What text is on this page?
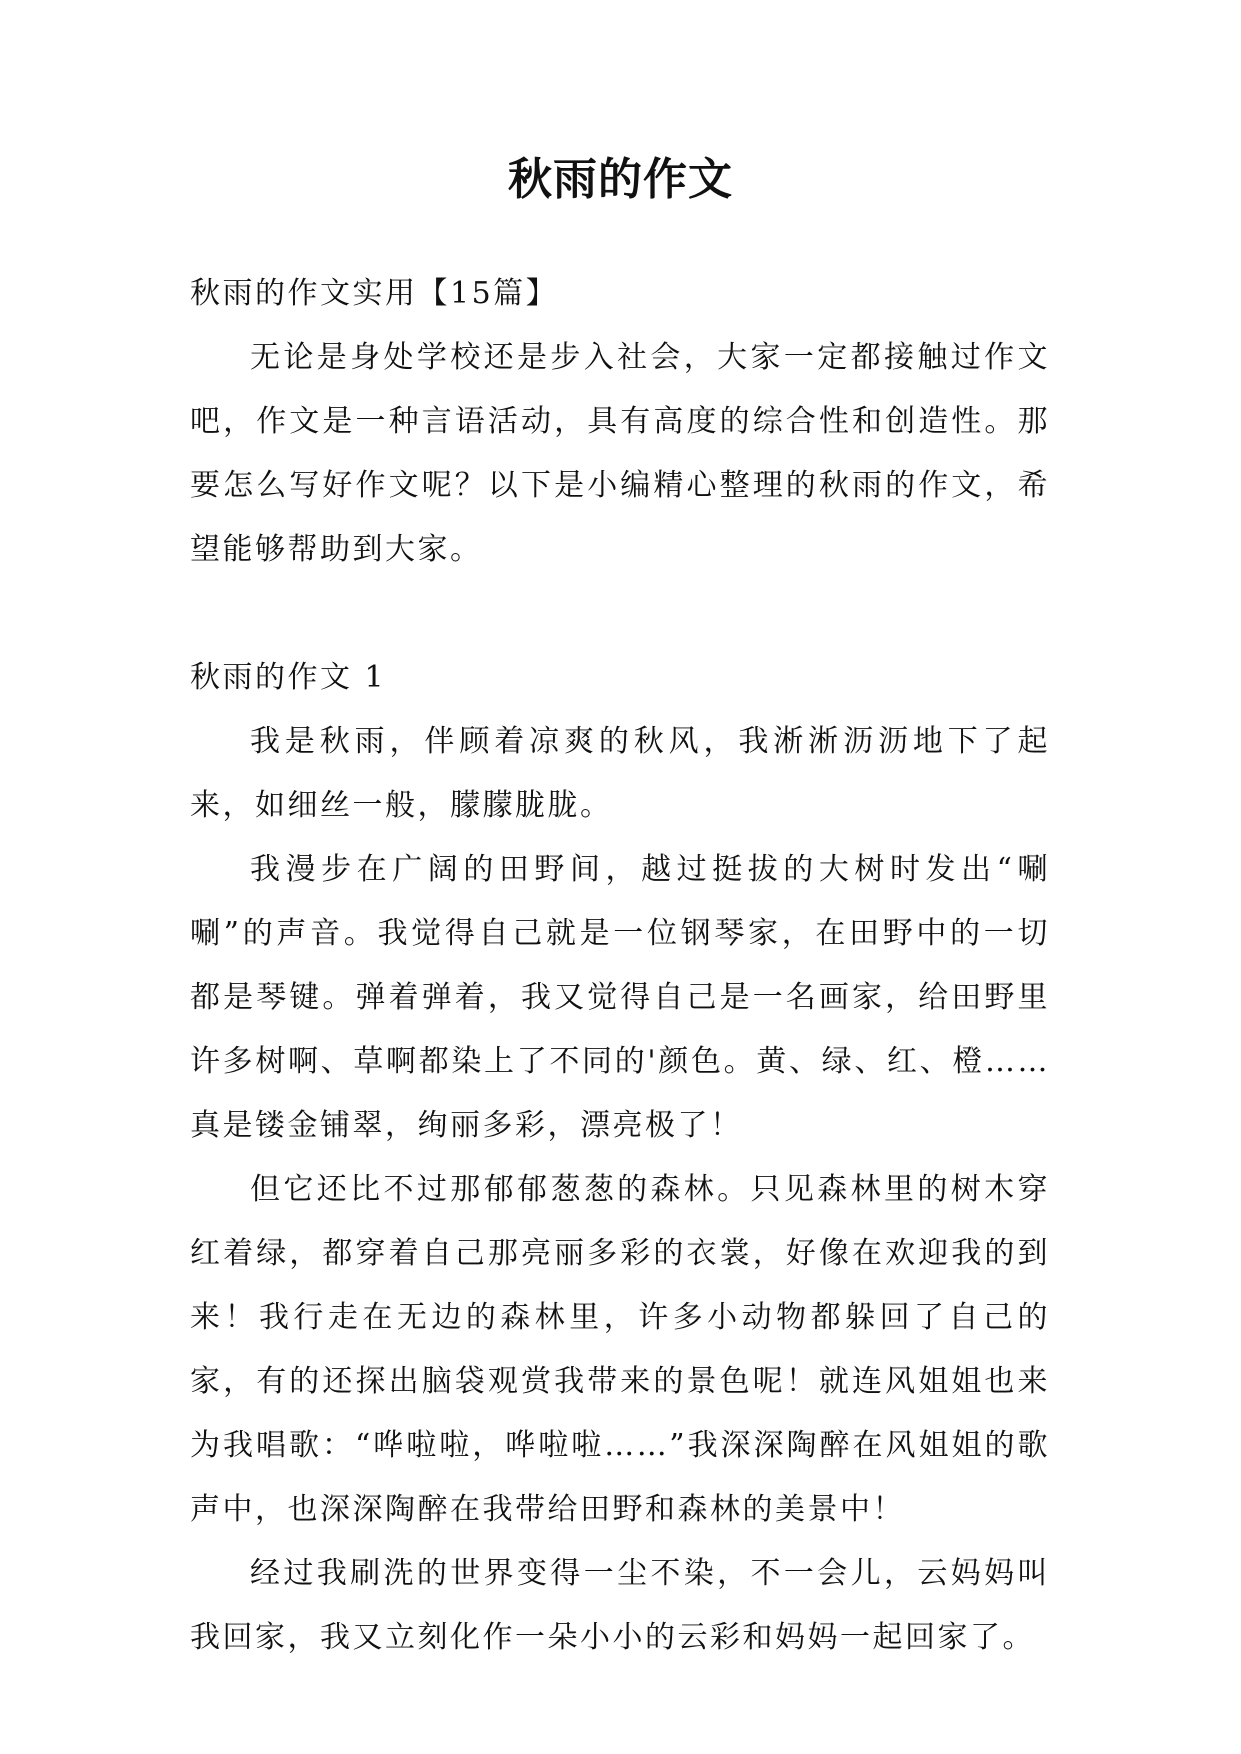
秋雨的作文

秋雨的作文实用【15篇】

无论是身处学校还是步入社会，大家一定都接触过作文吧，作文是一种言语活动，具有高度的综合性和创造性。那要怎么写好作文呢？以下是小编精心整理的秋雨的作文，希望能够帮助到大家。

秋雨的作文 1

我是秋雨，伴顾着凉爽的秋风，我淅淅沥沥地下了起来，如细丝一般，朦朦胧胧。

我漫步在广阔的田野间，越过挺拔的大树时发出“唰唰”的声音。我觉得自己就是一位钢琴家，在田野中的一切都是琴键。弹着弹着，我又觉得自己是一名画家，给田野里许多树啊、草啊都染上了不同的'颜色。黄、绿、红、橙……真是镂金铺翠，绚丽多彩，漂亮极了！

但它还比不过那郁郁葱葱的森林。只见森林里的树木穿红着绿，都穿着自己那亮丽多彩的衣裳，好像在欢迎我的到来！我行走在无边的森林里，许多小动物都躲回了自己的家，有的还探出脑袋观赏我带来的景色呢！就连风姐姐也来为我唱歌：“哗啦啦，哗啦啦……”我深深陶醉在风姐姐的歌声中，也深深陶醉在我带给田野和森林的美景中！

经过我刷洗的世界变得一尘不染，不一会儿，云妈妈叫我回家，我又立刻化作一朵小小的云彩和妈妈一起回家了。
